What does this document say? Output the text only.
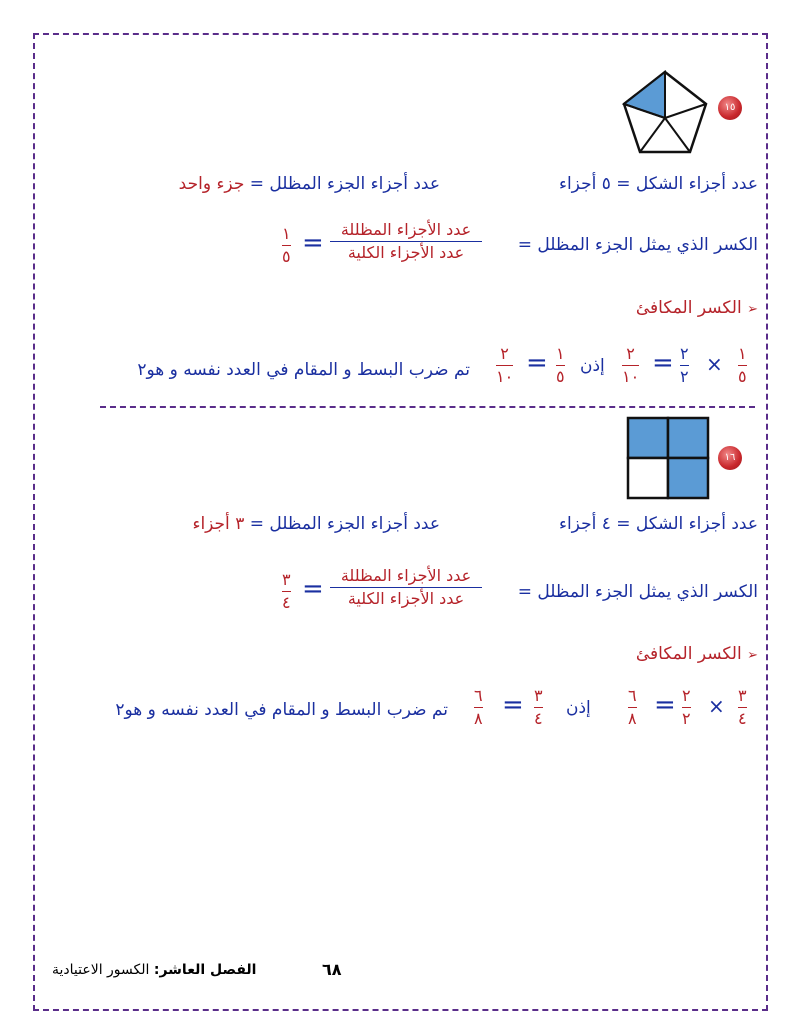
١٥
عدد أجزاء الشكل = ٥ أجزاء
عدد أجزاء الجزء المظلل = جزء واحد
الكسر الذي يمثل الجزء المظلل =
عدد الأجزاء المظللة
عدد الأجزاء الكلية
=
١
٥
➢ الكسر المكافئ
١
٥
×
٢
٢
=
٢
١٠
إذن
١
٥
=
٢
١٠
تم ضرب البسط و المقام في العدد نفسه و هو٢
١٦
عدد أجزاء الشكل = ٤ أجزاء
عدد أجزاء الجزء المظلل = ٣ أجزاء
الكسر الذي يمثل الجزء المظلل =
عدد الأجزاء المظللة
عدد الأجزاء الكلية
=
٣
٤
➢ الكسر المكافئ
٣
٤
×
٢
٢
=
٦
٨
إذن
٣
٤
=
٦
٨
تم ضرب البسط و المقام في العدد نفسه و هو٢
الفصل العاشر: الكسور الاعتيادية	٦٨
